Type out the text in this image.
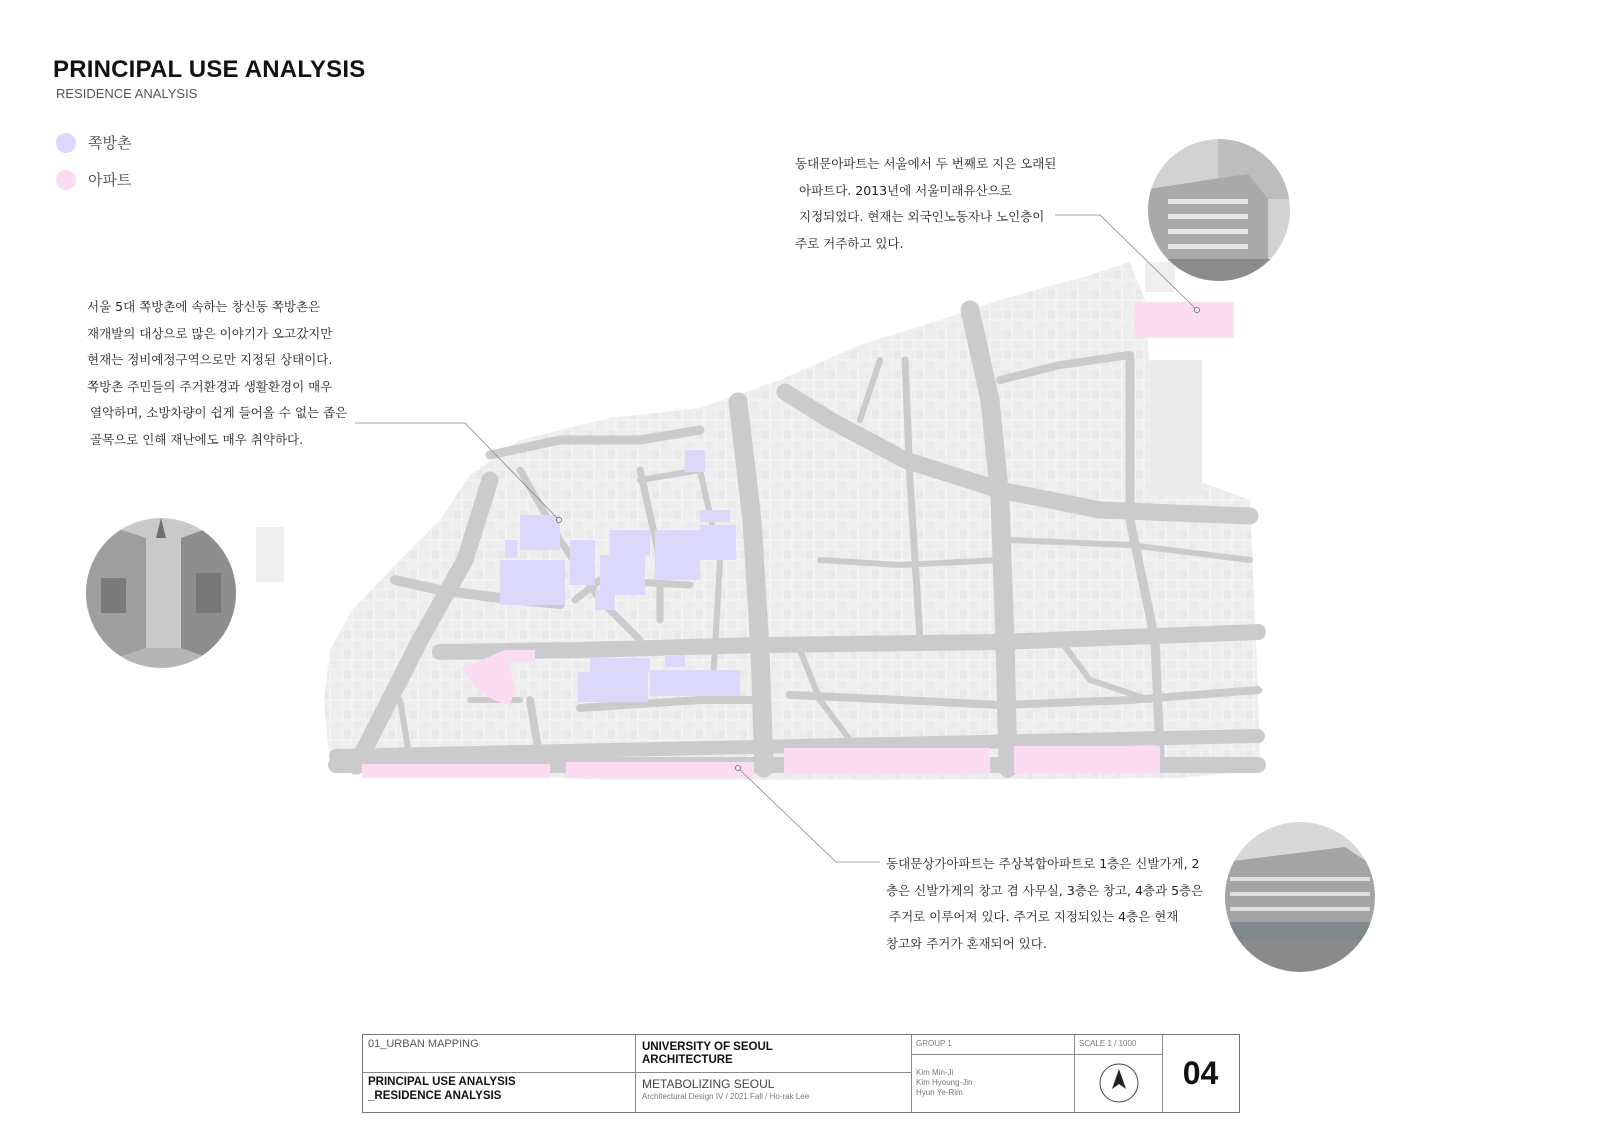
PRINCIPAL USE ANALYSIS
RESIDENCE ANALYSIS
쪽방촌
아파트
동대문아파트는 서울에서 두 번째로 지은 오래된
아파트다. 2013년에 서울미래유산으로
지정되었다. 현재는 외국인노동자나 노인층이
주로 거주하고 있다.
서울 5대 쪽방촌에 속하는 창신동 쪽방촌은
재개발의 대상으로 많은 이야기가 오고갔지만
현재는 정비예정구역으로만 지정된 상태이다.
쪽방촌 주민들의 주거환경과 생활환경이 매우
열악하며, 소방차량이 쉽게 들어올 수 없는 좁은
골목으로 인해 재난에도 매우 취약하다.
동대문상가아파트는 주상복합아파트로 1층은 신발가게, 2
층은 신발가게의 창고 겸 사무실, 3층은 창고, 4층과 5층은
주거로 이루어져 있다. 주거로 지정되있는 4층은 현재
창고와 주거가 혼재되어 있다.
01_URBAN MAPPING
PRINCIPAL USE ANALYSIS
_RESIDENCE ANALYSIS
UNIVERSITY OF SEOUL
ARCHITECTURE
METABOLIZING SEOUL
Architectural Design IV / 2021 Fall / Ho-rak Lee
GROUP 1
Kim Min-Ji
Kim Hyoung-Jin
Hyun Ye-Rim
SCALE 1 / 1000
04
